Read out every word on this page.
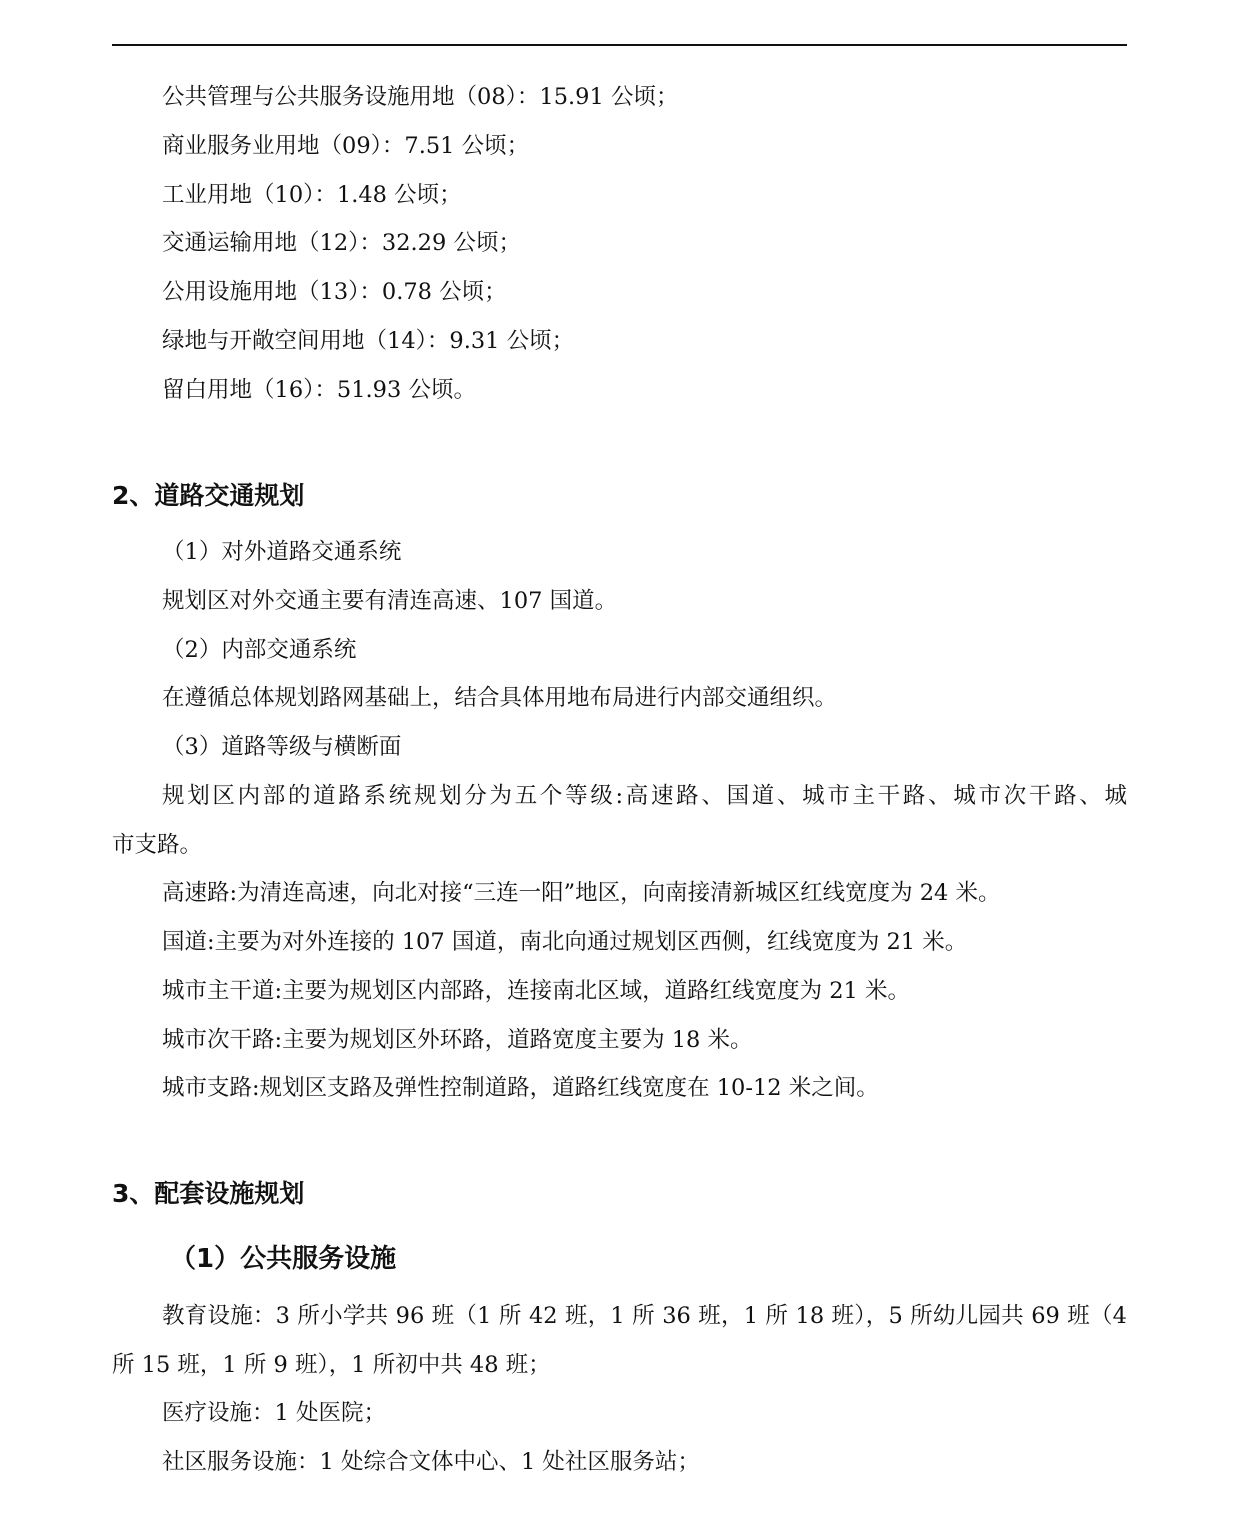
公共管理与公共服务设施用地（08）：15.91 公顷；
商业服务业用地（09）：7.51 公顷；
工业用地（10）：1.48 公顷；
交通运输用地（12）：32.29 公顷；
公用设施用地（13）：0.78 公顷；
绿地与开敞空间用地（14）：9.31 公顷；
留白用地（16）：51.93 公顷。
2、道路交通规划
（1）对外道路交通系统
规划区对外交通主要有清连高速、107 国道。
（2）内部交通系统
在遵循总体规划路网基础上，结合具体用地布局进行内部交通组织。
（3）道路等级与横断面
规划区内部的道路系统规划分为五个等级:高速路、国道、城市主干路、城市次干路、城
市支路。
高速路:为清连高速，向北对接“三连一阳”地区，向南接清新城区红线宽度为 24 米。
国道:主要为对外连接的 107 国道，南北向通过规划区西侧，红线宽度为 21 米。
城市主干道:主要为规划区内部路，连接南北区域，道路红线宽度为 21 米。
城市次干路:主要为规划区外环路，道路宽度主要为 18 米。
城市支路:规划区支路及弹性控制道路，道路红线宽度在 10-12 米之间。
3、配套设施规划
（1）公共服务设施
教育设施：3 所小学共 96 班（1 所 42 班，1 所 36 班，1 所 18 班），5 所幼儿园共 69 班（4
所 15 班，1 所 9 班），1 所初中共 48 班；
医疗设施：1 处医院；
社区服务设施：1 处综合文体中心、1 处社区服务站；
